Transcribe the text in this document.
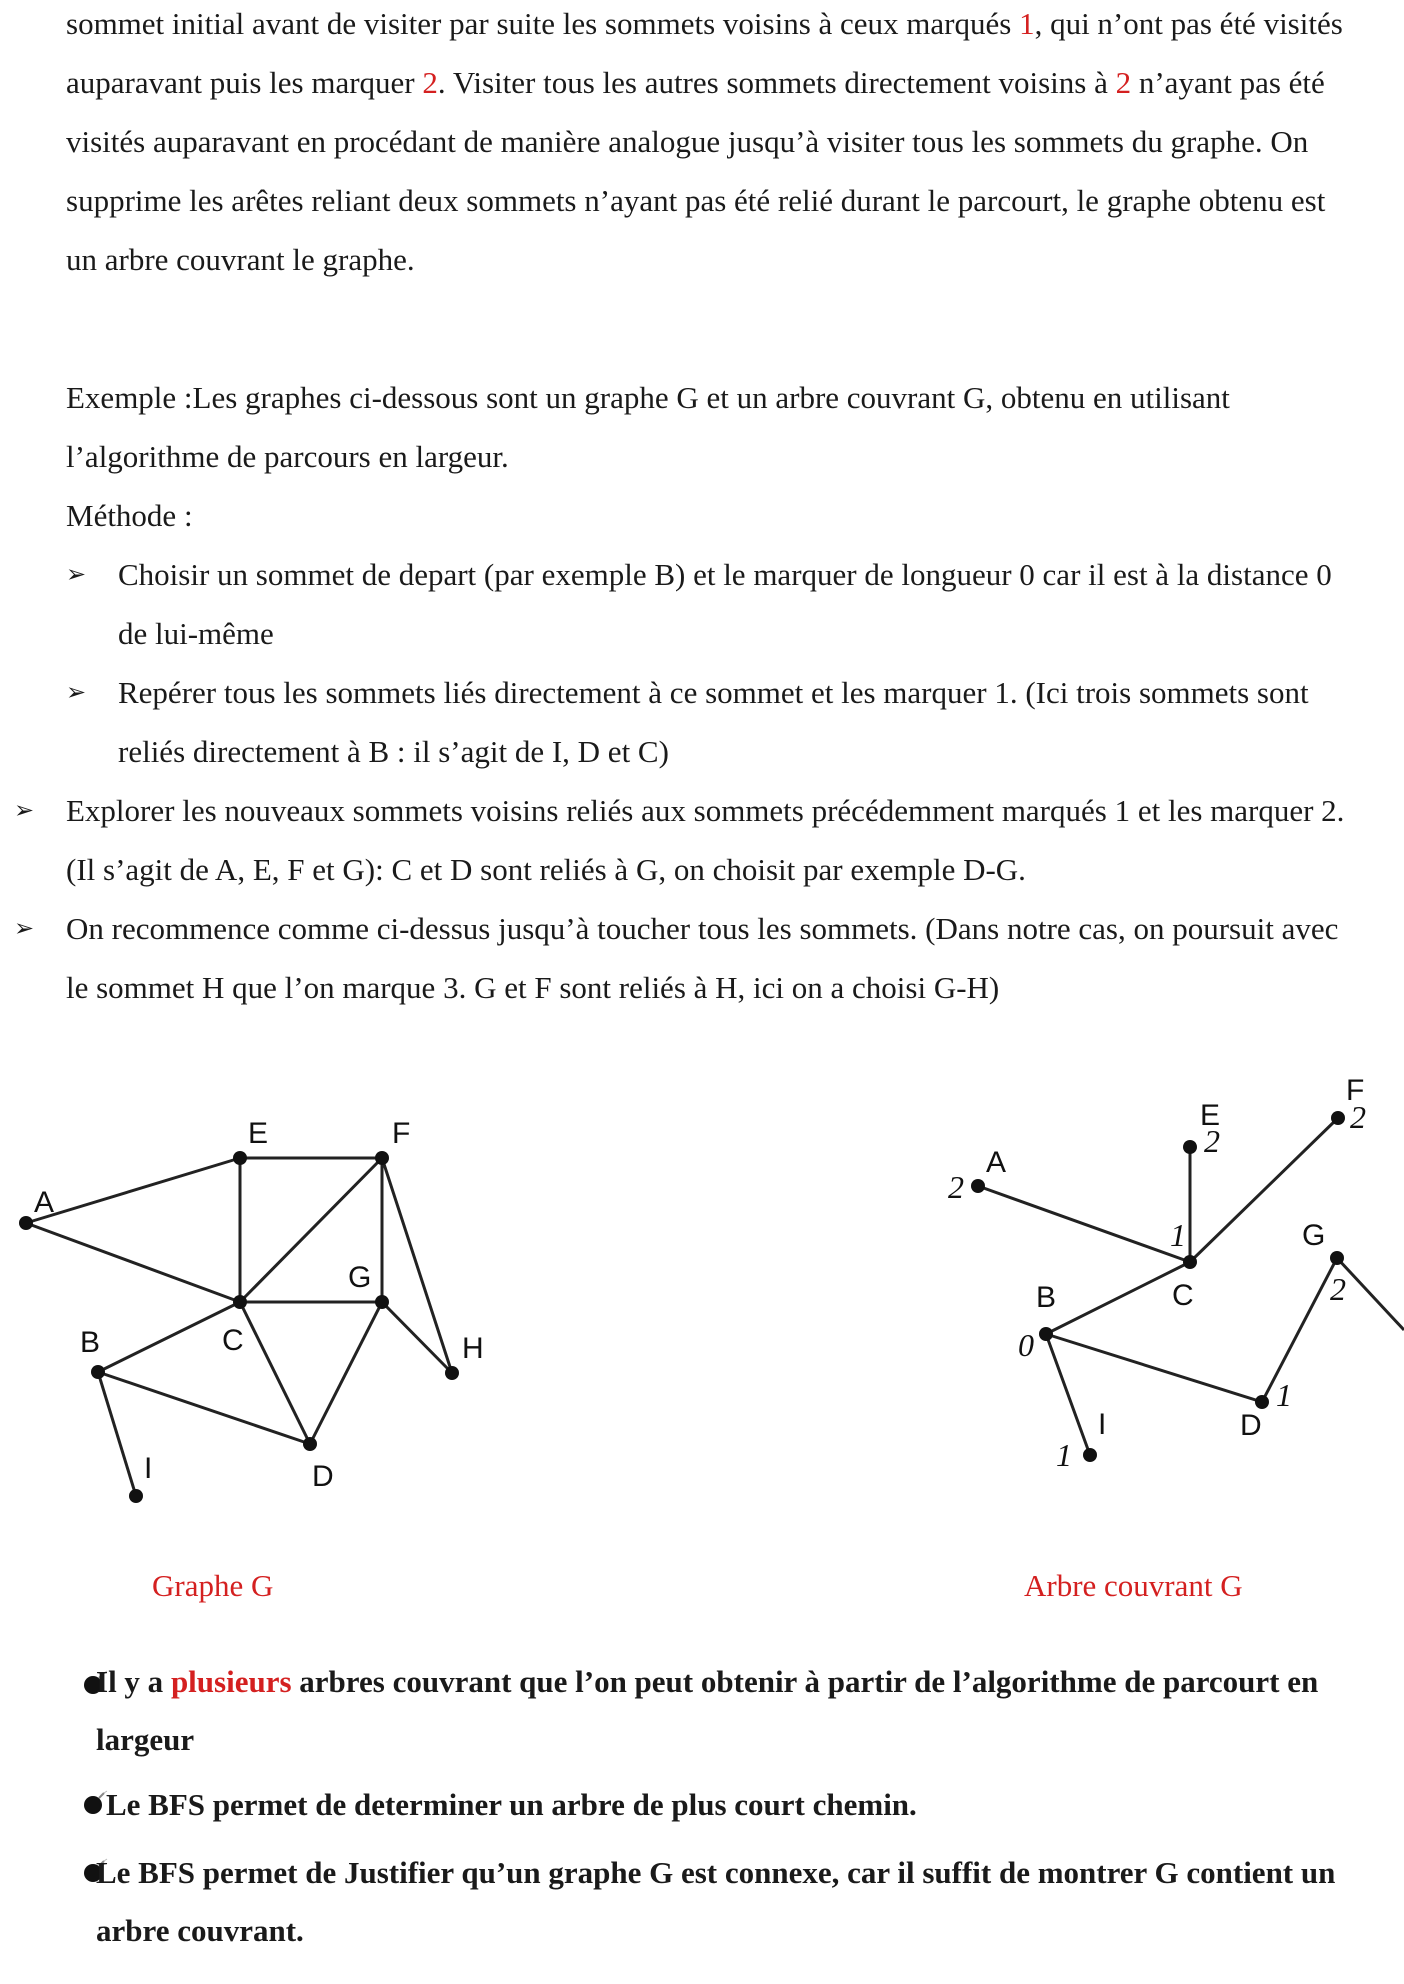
sommet initial avant de visiter par suite les sommets voisins à ceux marqués 1, qui n’ont pas été visités auparavant puis les marquer 2. Visiter tous les autres sommets directement voisins à 2 n’ayant pas été visités auparavant en procédant de manière analogue jusqu’à visiter tous les sommets du graphe. On supprime les arêtes reliant deux sommets n’ayant pas été relié durant le parcourt, le graphe obtenu est un arbre couvrant le graphe.

Exemple :Les graphes ci-dessous sont un graphe G et un arbre couvrant G, obtenu en utilisant l’algorithme de parcours en largeur.

Méthode :

➢ Choisir un sommet de depart (par exemple B) et le marquer de longueur 0 car il est à la distance 0 de lui-même

➢ Repérer tous les sommets liés directement à ce sommet et les marquer 1. (Ici trois sommets sont reliés directement à B : il s’agit de I, D et C)

➢ Explorer les nouveaux sommets voisins reliés aux sommets précédemment marqués 1 et les marquer 2. (Il s’agit de A, E, F et G): C et D sont reliés à G, on choisit par exemple D-G.

➢ On recommence comme ci-dessus jusqu’à toucher tous les sommets. (Dans notre cas, on poursuit avec le sommet H que l’on marque 3. G et F sont reliés à H, ici on a choisi G-H)

A
B	C
D
E	F
G
H
I
A
B	C
D
E
F
G
I
2
0
1
1
2
2
2
1
Graphe G	Arbre couvrant G

Il y a plusieurs arbres couvrant que l’on peut obtenir à partir de l’algorithme de parcourt en largeur

Le BFS permet de determiner un arbre de plus court chemin.

Le BFS permet de Justifier qu’un graphe G est connexe, car il suffit de montrer G contient un arbre couvrant.
